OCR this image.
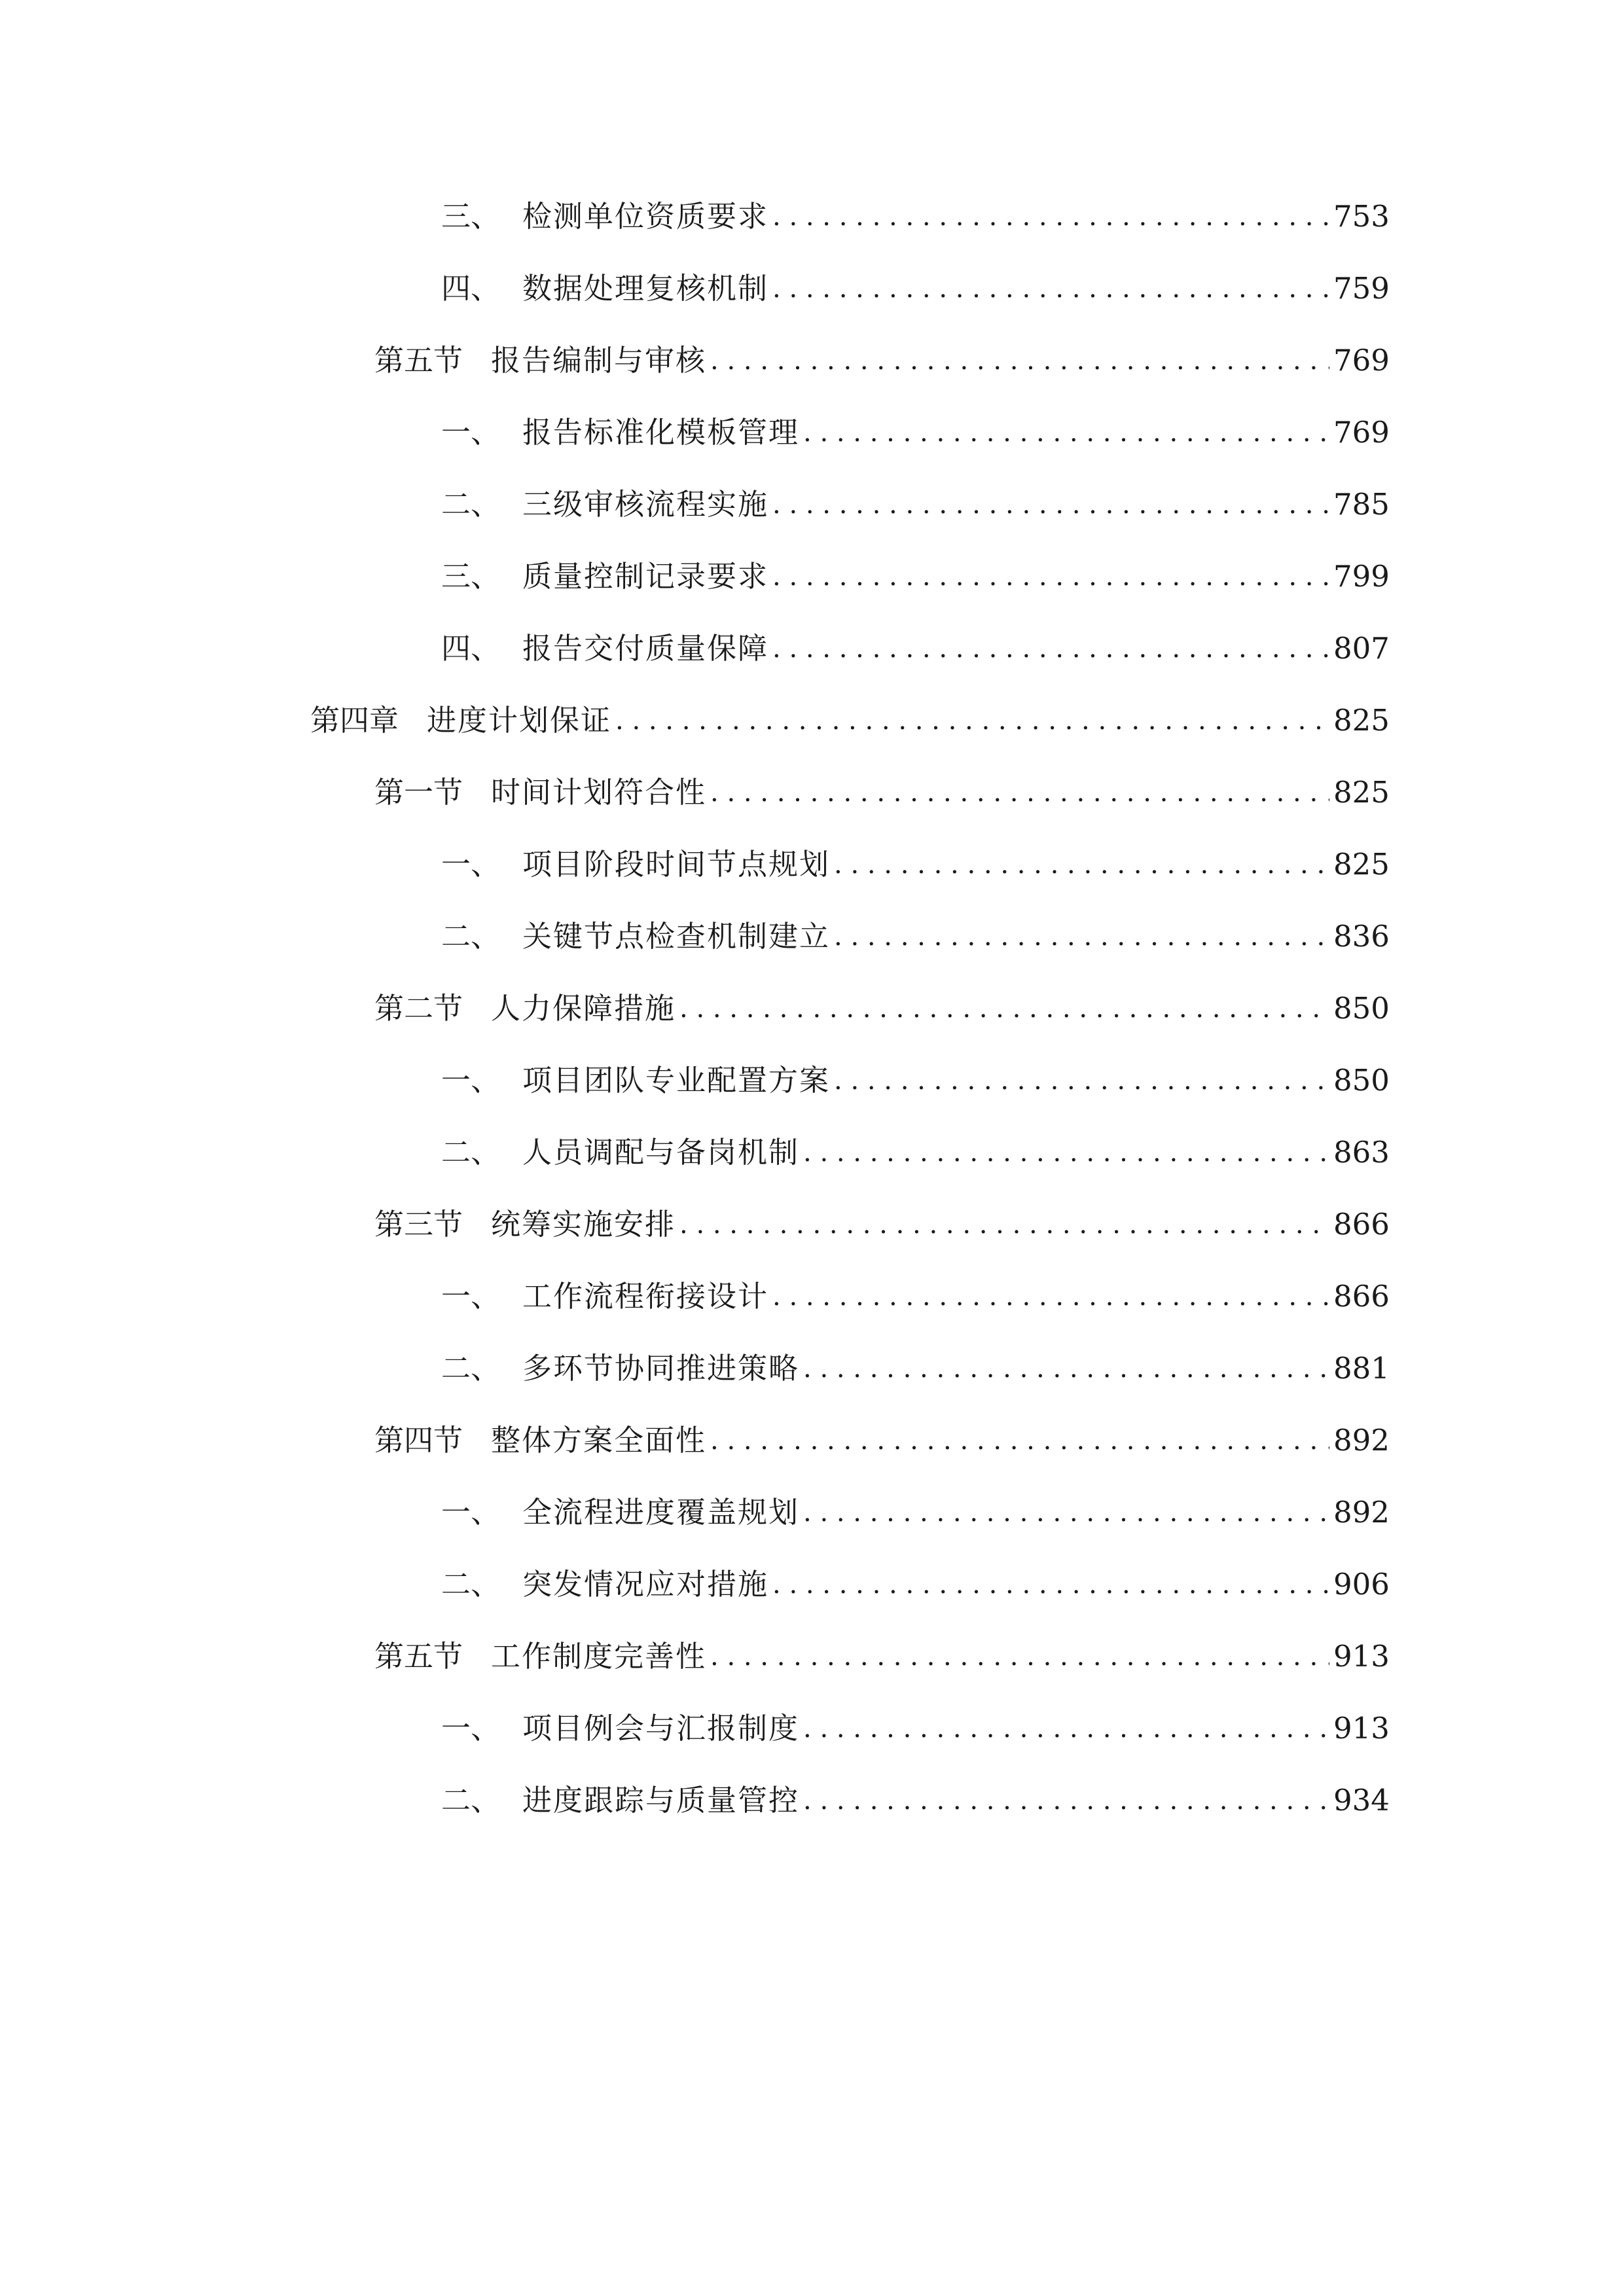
三、 检测单位资质要求 . . .	753
四、 数据处理复核机制 . . .	759
第五节 报告编制与审核 . . .	769
一、 报告标准化模板管理 . . .	769
二、 三级审核流程实施 . . .	785
三、 质量控制记录要求 . . .	799
四、 报告交付质量保障 . . .	807
第四章 进度计划保证 . . .	825
第一节 时间计划符合性 . . .	825
一、 项目阶段时间节点规划 . . .	825
二、 关键节点检查机制建立 . . .	836
第二节 人力保障措施 . . .	850
一、 项目团队专业配置方案 . . .	850
二、 人员调配与备岗机制 . . .	863
第三节 统筹实施安排 . . .	866
一、 工作流程衔接设计 . . .	866
二、 多环节协同推进策略 . . .	881
第四节 整体方案全面性 . . .	892
一、 全流程进度覆盖规划 . . .	892
二、 突发情况应对措施 . . .	906
第五节 工作制度完善性 . . .	913
一、 项目例会与汇报制度 . . .	913
二、 进度跟踪与质量管控 . . .	934
